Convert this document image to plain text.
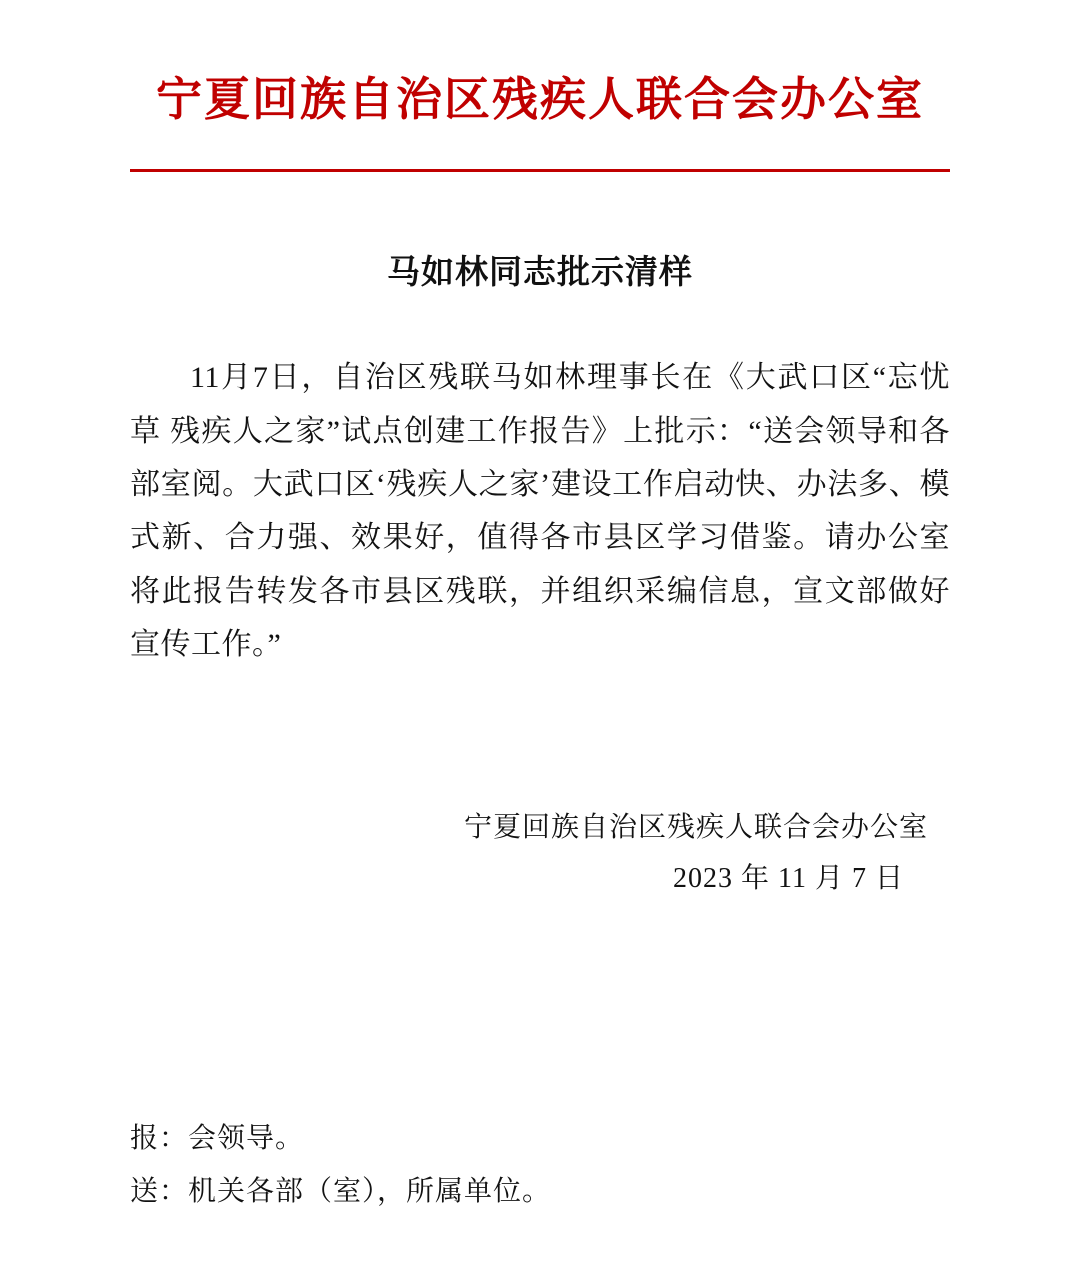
宁夏回族自治区残疾人联合会办公室
马如林同志批示清样

11月7日，自治区残联马如林理事长在《大武口区“忘忧草 残疾人之家”试点创建工作报告》上批示：“送会领导和各部室阅。大武口区‘残疾人之家’建设工作启动快、办法多、模式新、合力强、效果好，值得各市县区学习借鉴。请办公室将此报告转发各市县区残联，并组织采编信息，宣文部做好宣传工作。”

宁夏回族自治区残疾人联合会办公室
2023 年 11 月 7 日
报：会领导。
送：机关各部（室），所属单位。
